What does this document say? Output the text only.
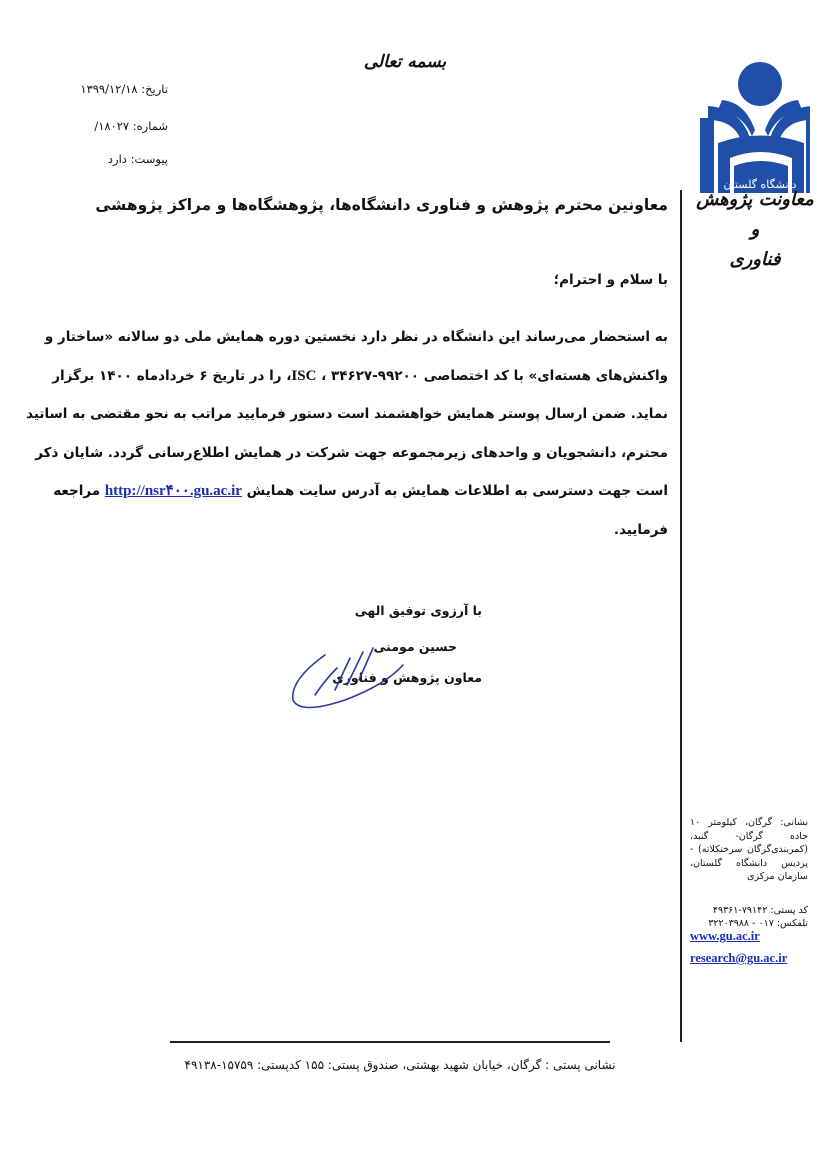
بسمه تعالی
تاریخ: ۱۳۹۹/۱۲/۱۸
شماره: ۱۸۰۲۷/
پیوست: دارد
دانشگاه گلستان
معاونت پژوهش و
فناوری
معاونین محترم پژوهش و فناوری دانشگاه‌ها، پژوهشگاه‌ها و مراکز پژوهشی
با سلام و احترام؛
به استحضار می‌رساند این دانشگاه در نظر دارد نخستین دوره همایش ملی دو سالانه «ساختار و
واکنش‌های هسته‌ای» با کد اختصاصی ISC ، ۳۴۶۲۷-۹۹۲۰۰، را در تاریخ ۶ خردادماه ۱۴۰۰ برگزار
نماید. ضمن ارسال پوستر همایش خواهشمند است دستور فرمایید مراتب به نحو مقتضی به اساتید
محترم، دانشجویان و واحدهای زیرمجموعه جهت شرکت در همایش اطلاع‌رسانی گردد. شایان ذکر
است جهت دسترسی به اطلاعات همایش به آدرس سایت همایش http://nsr۴۰۰.gu.ac.ir مراجعه
فرمایید.
با آرزوی توفیق الهی
حسین مومنی
معاون پژوهش و فناوری
نشانی: گرگان، کیلومتر ۱۰ جاده گرگان- گنبد، (کمربندی‌گرگان سرخنکلاته) - پردیس دانشگاه گلستان، سازمان مرکزی
کد پستی: ۷۹۱۴۲-۴۹۳۶۱
تلفکس: ۰۱۷ - ۳۲۲۰۳۹۸۸
www.gu.ac.ir
research@gu.ac.ir
نشانی پستی : گرگان، خیابان شهید بهشتی، صندوق پستی: ۱۵۵ کدپستی: ۱۵۷۵۹-۴۹۱۳۸
